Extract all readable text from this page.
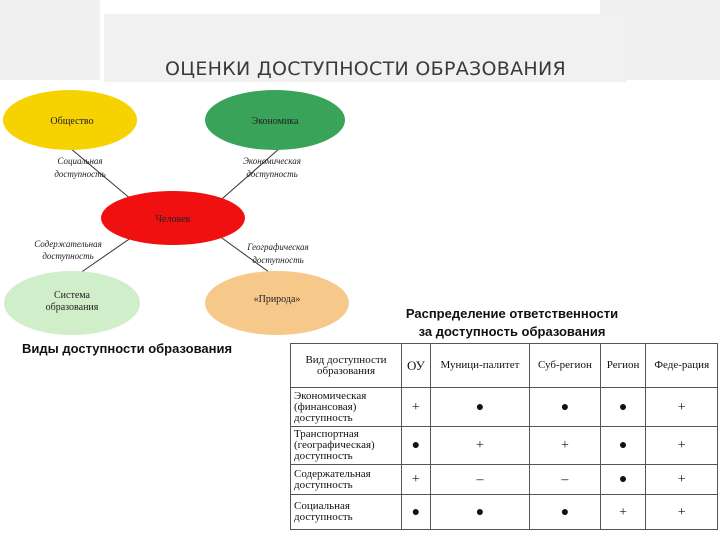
ОЦЕНКИ ДОСТУПНОСТИ ОБРАЗОВАНИЯ
Общество	Экономика
Человек
Система
образования
«Природа»
Социальная
доступность
Экономическая
доступность
Содержательная
доступность
Географическая
доступность
Виды доступности образования
Распределение ответственности
за доступность образования
Вид доступности образования	ОУ	Муници-палитет	Суб-регион	Регион	Феде-рация
Экономическая (финансовая) доступность	+	●	●	●	+
Транспортная (географическая) доступность	●	+	+	●	+
Содержательная доступность	+	–	–	●	+
Социальная доступность	●	●	●	+	+
